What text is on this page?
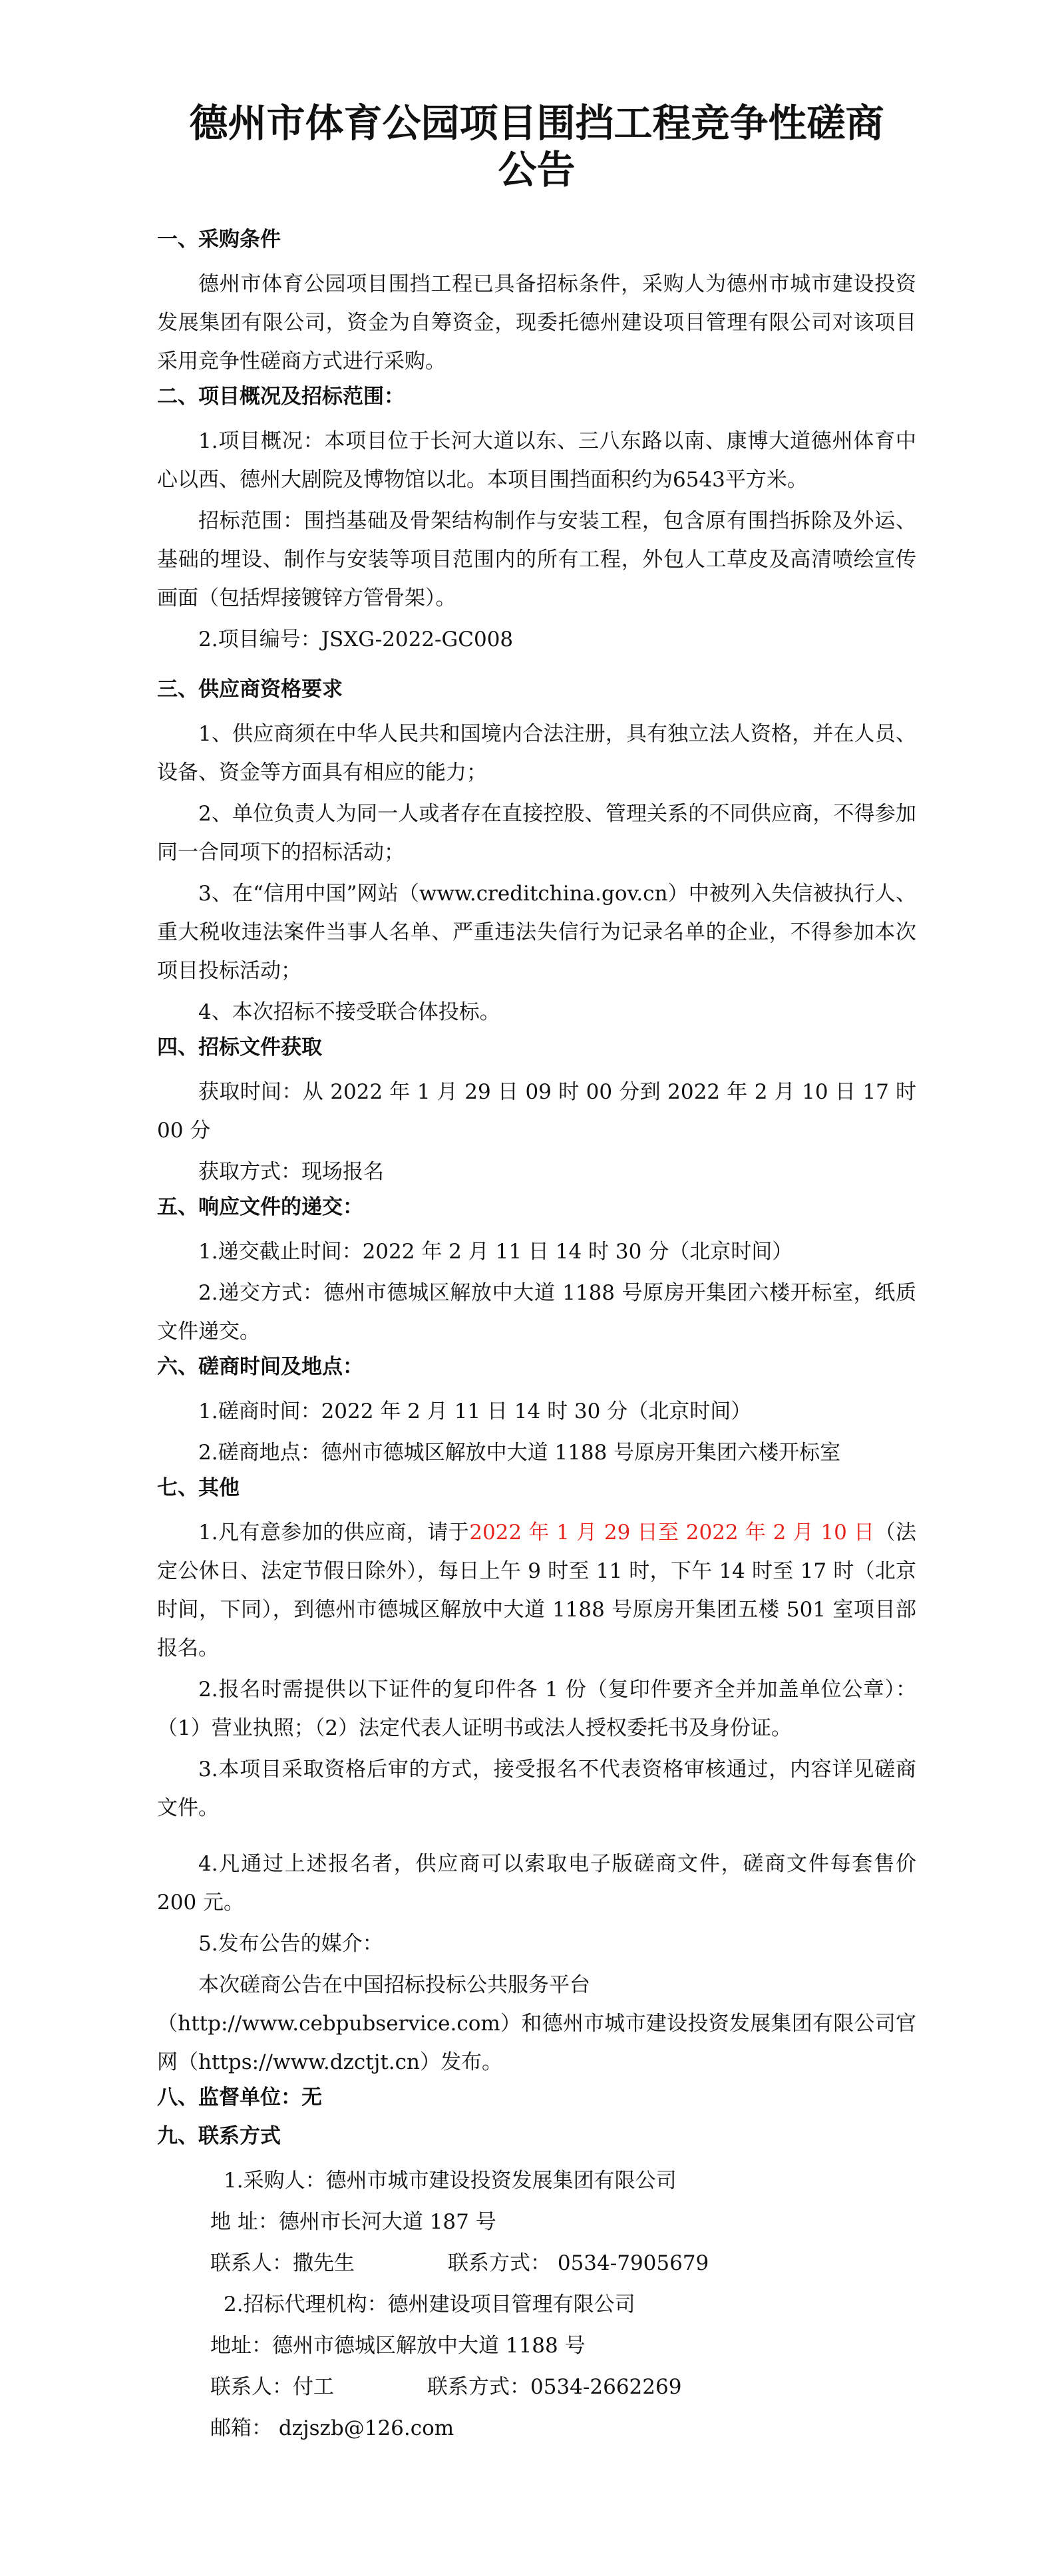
德州市体育公园项目围挡工程竞争性磋商
公告
一、采购条件
德州市体育公园项目围挡工程已具备招标条件，采购人为德州市城市建设投资发展集团有限公司，资金为自筹资金，现委托德州建设项目管理有限公司对该项目采用竞争性磋商方式进行采购。
二、项目概况及招标范围：
1.项目概况：本项目位于长河大道以东、三八东路以南、康博大道德州体育中心以西、德州大剧院及博物馆以北。本项目围挡面积约为6543平方米。
招标范围：围挡基础及骨架结构制作与安装工程，包含原有围挡拆除及外运、基础的埋设、制作与安装等项目范围内的所有工程，外包人工草皮及高清喷绘宣传画面（包括焊接镀锌方管骨架）。
2.项目编号：JSXG-2022-GC008
三、供应商资格要求
1、供应商须在中华人民共和国境内合法注册，具有独立法人资格，并在人员、设备、资金等方面具有相应的能力；
2、单位负责人为同一人或者存在直接控股、管理关系的不同供应商，不得参加同一合同项下的招标活动；
3、在“信用中国”网站（www.creditchina.gov.cn）中被列入失信被执行人、重大税收违法案件当事人名单、严重违法失信行为记录名单的企业，不得参加本次项目投标活动；
4、本次招标不接受联合体投标。
四、招标文件获取
获取时间：从 2022 年 1 月 29 日 09 时 00 分到 2022 年 2 月 10 日 17 时 00 分
获取方式：现场报名
五、响应文件的递交：
1.递交截止时间：2022 年 2 月 11 日 14 时 30 分（北京时间）
2.递交方式：德州市德城区解放中大道 1188 号原房开集团六楼开标室，纸质文件递交。
六、磋商时间及地点：
1.磋商时间：2022 年 2 月 11 日 14 时 30 分（北京时间）
2.磋商地点：德州市德城区解放中大道 1188 号原房开集团六楼开标室
七、其他
1.凡有意参加的供应商，请于2022 年 1 月 29 日至 2022 年 2 月 10 日（法定公休日、法定节假日除外），每日上午 9 时至 11 时，下午 14 时至 17 时（北京时间，下同），到德州市德城区解放中大道 1188 号原房开集团五楼 501 室项目部报名。
2.报名时需提供以下证件的复印件各 1 份（复印件要齐全并加盖单位公章）：（1）营业执照；（2）法定代表人证明书或法人授权委托书及身份证。
3.本项目采取资格后审的方式，接受报名不代表资格审核通过，内容详见磋商文件。
4.凡通过上述报名者，供应商可以索取电子版磋商文件，磋商文件每套售价 200 元。
5.发布公告的媒介：
本次磋商公告在中国招标投标公共服务平台
（http://www.cebpubservice.com）和德州市城市建设投资发展集团有限公司官网（https://www.dzctjt.cn）发布。
八、监督单位：无
九、联系方式
1.采购人：德州市城市建设投资发展集团有限公司
地 址：德州市长河大道 187 号
联系人：撒先生	联系方式： 0534-7905679
2.招标代理机构：德州建设项目管理有限公司
地址：德州市德城区解放中大道 1188 号
联系人：付工	联系方式：0534-2662269
邮箱： dzjszb@126.com
